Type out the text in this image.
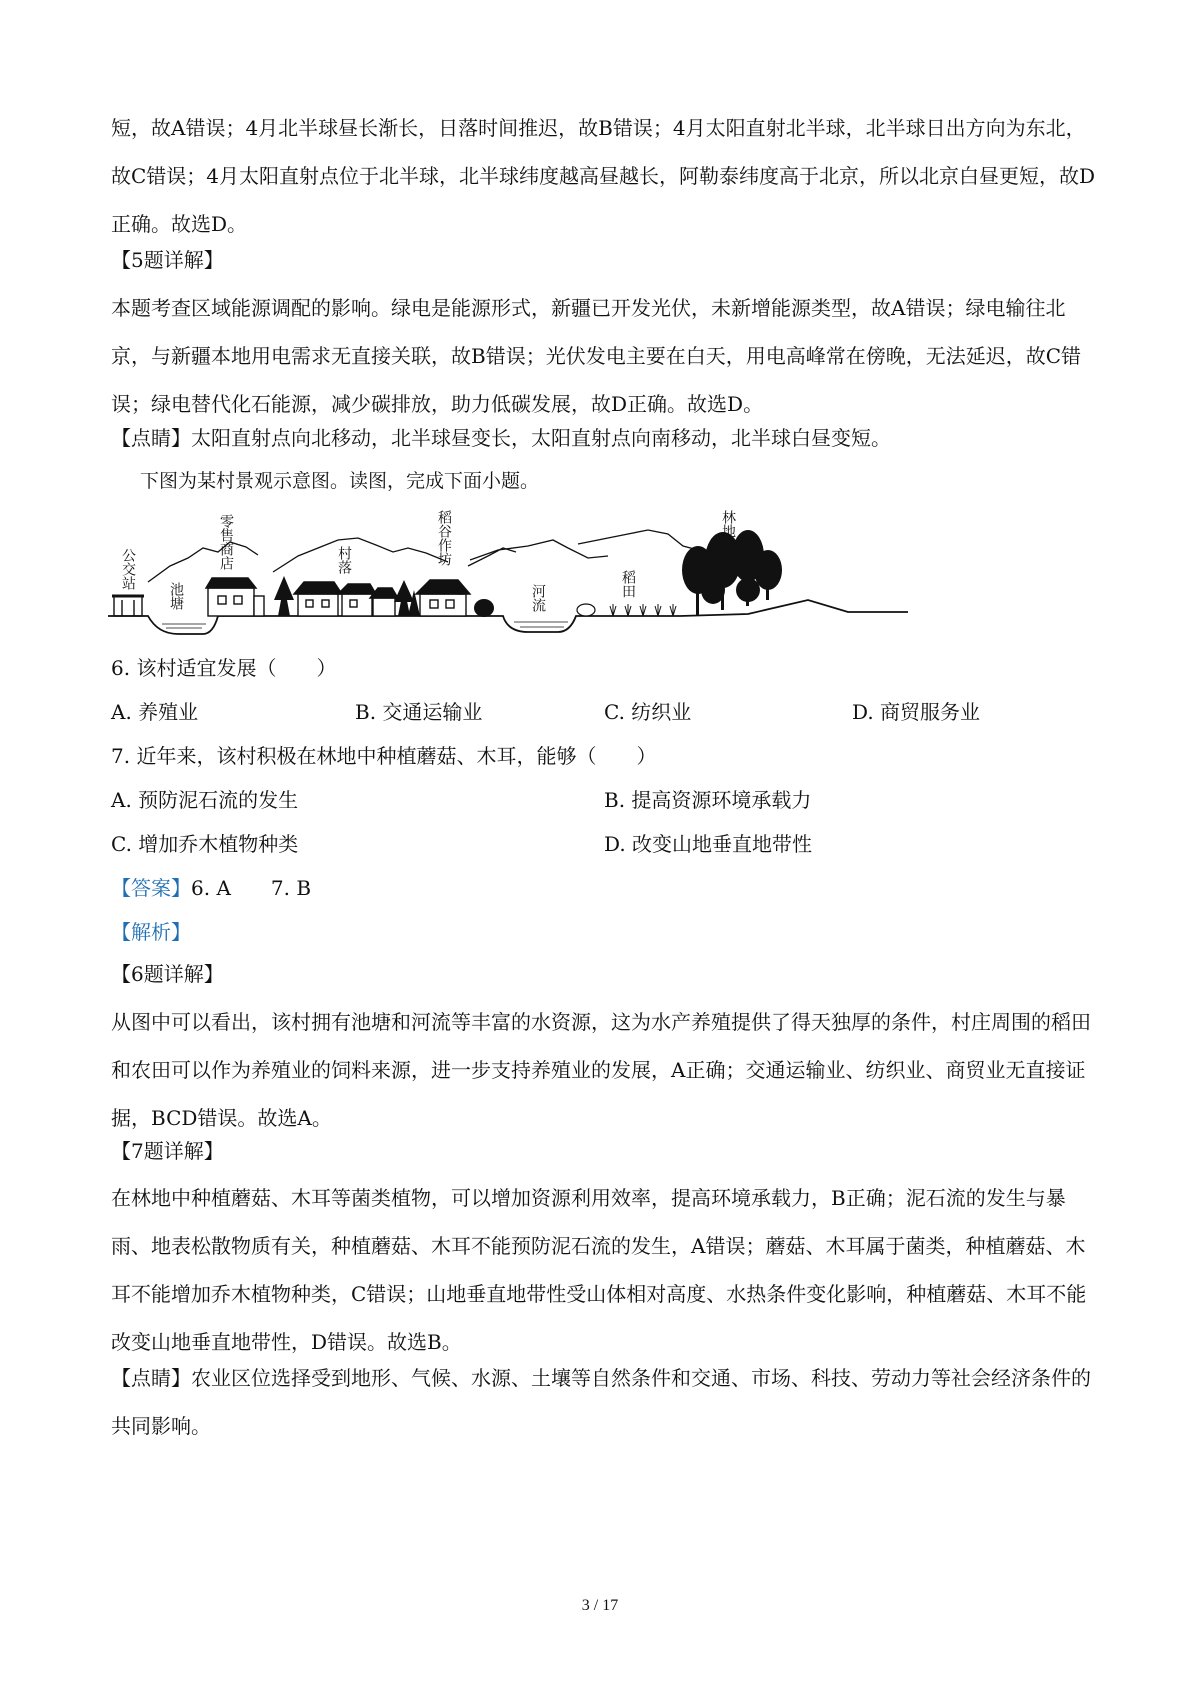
短，故A错误；4月北半球昼长渐长，日落时间推迟，故B错误；4月太阳直射北半球，北半球日出方向为东北，故C错误；4月太阳直射点位于北半球，北半球纬度越高昼越长，阿勒泰纬度高于北京，所以北京白昼更短，故D正确。故选D。

【5题详解】

本题考查区域能源调配的影响。绿电是能源形式，新疆已开发光伏，未新增能源类型，故A错误；绿电输往北京，与新疆本地用电需求无直接关联，故B错误；光伏发电主要在白天，用电高峰常在傍晚，无法延迟，故C错误；绿电替代化石能源，减少碳排放，助力低碳发展，故D正确。故选D。

【点睛】太阳直射点向北移动，北半球昼变长，太阳直射点向南移动，北半球白昼变短。
下图为某村景观示意图。读图，完成下面小题。
公交站
池塘
零售商店	村落	稻谷作坊
河流	稻田
林地
6. 该村适宜发展（　　）
A. 养殖业	B. 交通运输业	C. 纺织业	D. 商贸服务业
7. 近年来，该村积极在林地中种植蘑菇、木耳，能够（　　）
A. 预防泥石流的发生	B. 提高资源环境承载力
C. 增加乔木植物种类	D. 改变山地垂直地带性
【答案】6. A　　7. B
【解析】
【6题详解】

从图中可以看出，该村拥有池塘和河流等丰富的水资源，这为水产养殖提供了得天独厚的条件，村庄周围的稻田和农田可以作为养殖业的饲料来源，进一步支持养殖业的发展，A正确；交通运输业、纺织业、商贸业无直接证据，BCD错误。故选A。

【7题详解】

在林地中种植蘑菇、木耳等菌类植物，可以增加资源利用效率，提高环境承载力，B正确；泥石流的发生与暴雨、地表松散物质有关，种植蘑菇、木耳不能预防泥石流的发生，A错误；蘑菇、木耳属于菌类，种植蘑菇、木耳不能增加乔木植物种类，C错误；山地垂直地带性受山体相对高度、水热条件变化影响，种植蘑菇、木耳不能改变山地垂直地带性，D错误。故选B。

【点睛】农业区位选择受到地形、气候、水源、土壤等自然条件和交通、市场、科技、劳动力等社会经济条件的共同影响。

3 / 17
